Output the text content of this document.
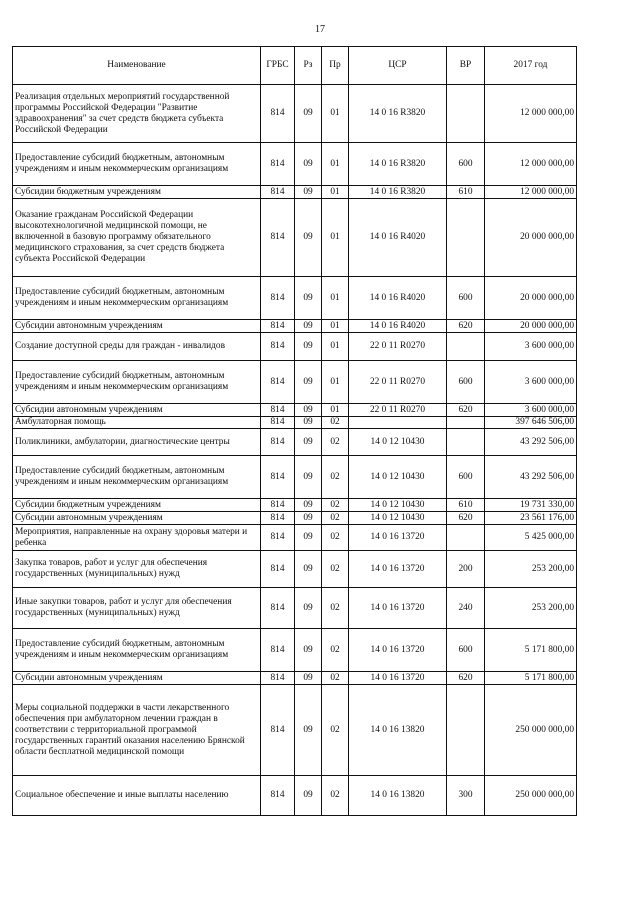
17
Наименование	ГРБС	Рз	Пр	ЦСР	ВР	2017 год
Реализация отдельных мероприятий государственной программы Российской Федерации "Развитие здравоохранения" за счет средств бюджета субъекта Российской Федерации	814	09	01	14 0 16 R3820		12 000 000,00
Предоставление субсидий бюджетным, автономным учреждениям и иным некоммерческим организациям	814	09	01	14 0 16 R3820	600	12 000 000,00
Субсидии бюджетным учреждениям	814	09	01	14 0 16 R3820	610	12 000 000,00
Оказание гражданам Российской Федерации высокотехнологичной медицинской помощи, не включенной в базовую программу обязательного медицинского страхования, за счет средств бюджета субъекта Российской Федерации	814	09	01	14 0 16 R4020		20 000 000,00
Предоставление субсидий бюджетным, автономным учреждениям и иным некоммерческим организациям	814	09	01	14 0 16 R4020	600	20 000 000,00
Субсидии автономным учреждениям	814	09	01	14 0 16 R4020	620	20 000 000,00
Создание доступной среды для граждан - инвалидов	814	09	01	22 0 11 R0270		3 600 000,00
Предоставление субсидий бюджетным, автономным учреждениям и иным некоммерческим организациям	814	09	01	22 0 11 R0270	600	3 600 000,00
Субсидии автономным учреждениям	814	09	01	22 0 11 R0270	620	3 600 000,00
Амбулаторная помощь	814	09	02			397 646 506,00
Поликлиники, амбулатории, диагностические центры	814	09	02	14 0 12 10430		43 292 506,00
Предоставление субсидий бюджетным, автономным учреждениям и иным некоммерческим организациям	814	09	02	14 0 12 10430	600	43 292 506,00
Субсидии бюджетным учреждениям	814	09	02	14 0 12 10430	610	19 731 330,00
Субсидии автономным учреждениям	814	09	02	14 0 12 10430	620	23 561 176,00
Мероприятия, направленные на охрану здоровья матери и ребенка	814	09	02	14 0 16 13720		5 425 000,00
Закупка товаров, работ и услуг для обеспечения государственных (муниципальных) нужд	814	09	02	14 0 16 13720	200	253 200,00
Иные закупки товаров, работ и услуг для обеспечения государственных (муниципальных) нужд	814	09	02	14 0 16 13720	240	253 200,00
Предоставление субсидий бюджетным, автономным учреждениям и иным некоммерческим организациям	814	09	02	14 0 16 13720	600	5 171 800,00
Субсидии автономным учреждениям	814	09	02	14 0 16 13720	620	5 171 800,00
Меры социальной поддержки в части лекарственного обеспечения при амбулаторном лечении граждан в соответствии с территориальной программой государственных гарантий оказания населению Брянской области бесплатной медицинской помощи	814	09	02	14 0 16 13820		250 000 000,00
Социальное обеспечение и иные выплаты населению	814	09	02	14 0 16 13820	300	250 000 000,00
